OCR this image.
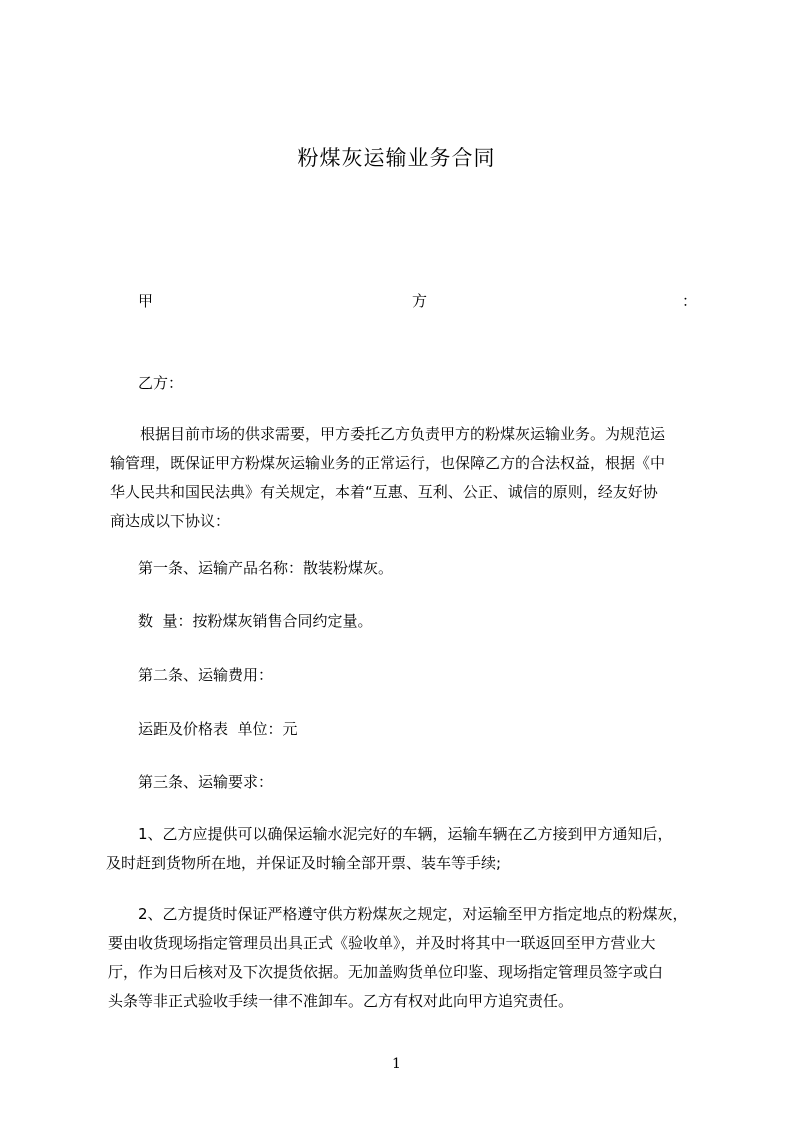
粉煤灰运输业务合同
甲	方	：
乙方：
根据目前市场的供求需要，甲方委托乙方负责甲方的粉煤灰运输业务。为规范运
输管理，既保证甲方粉煤灰运输业务的正常运行，也保障乙方的合法权益，根据《中
华人民共和国民法典》有关规定，本着“互惠、互利、公正、诚信的原则，经友好协
商达成以下协议：
第一条、运输产品名称：散装粉煤灰。
数  量：按粉煤灰销售合同约定量。
第二条、运输费用：
运距及价格表  单位：元
第三条、运输要求：
1、乙方应提供可以确保运输水泥完好的车辆，运输车辆在乙方接到甲方通知后，
及时赶到货物所在地，并保证及时输全部开票、装车等手续;
2、乙方提货时保证严格遵守供方粉煤灰之规定，对运输至甲方指定地点的粉煤灰，
要由收货现场指定管理员出具正式《验收单》，并及时将其中一联返回至甲方营业大
厅，作为日后核对及下次提货依据。无加盖购货单位印鉴、现场指定管理员签字或白
头条等非正式验收手续一律不准卸车。乙方有权对此向甲方追究责任。
1
